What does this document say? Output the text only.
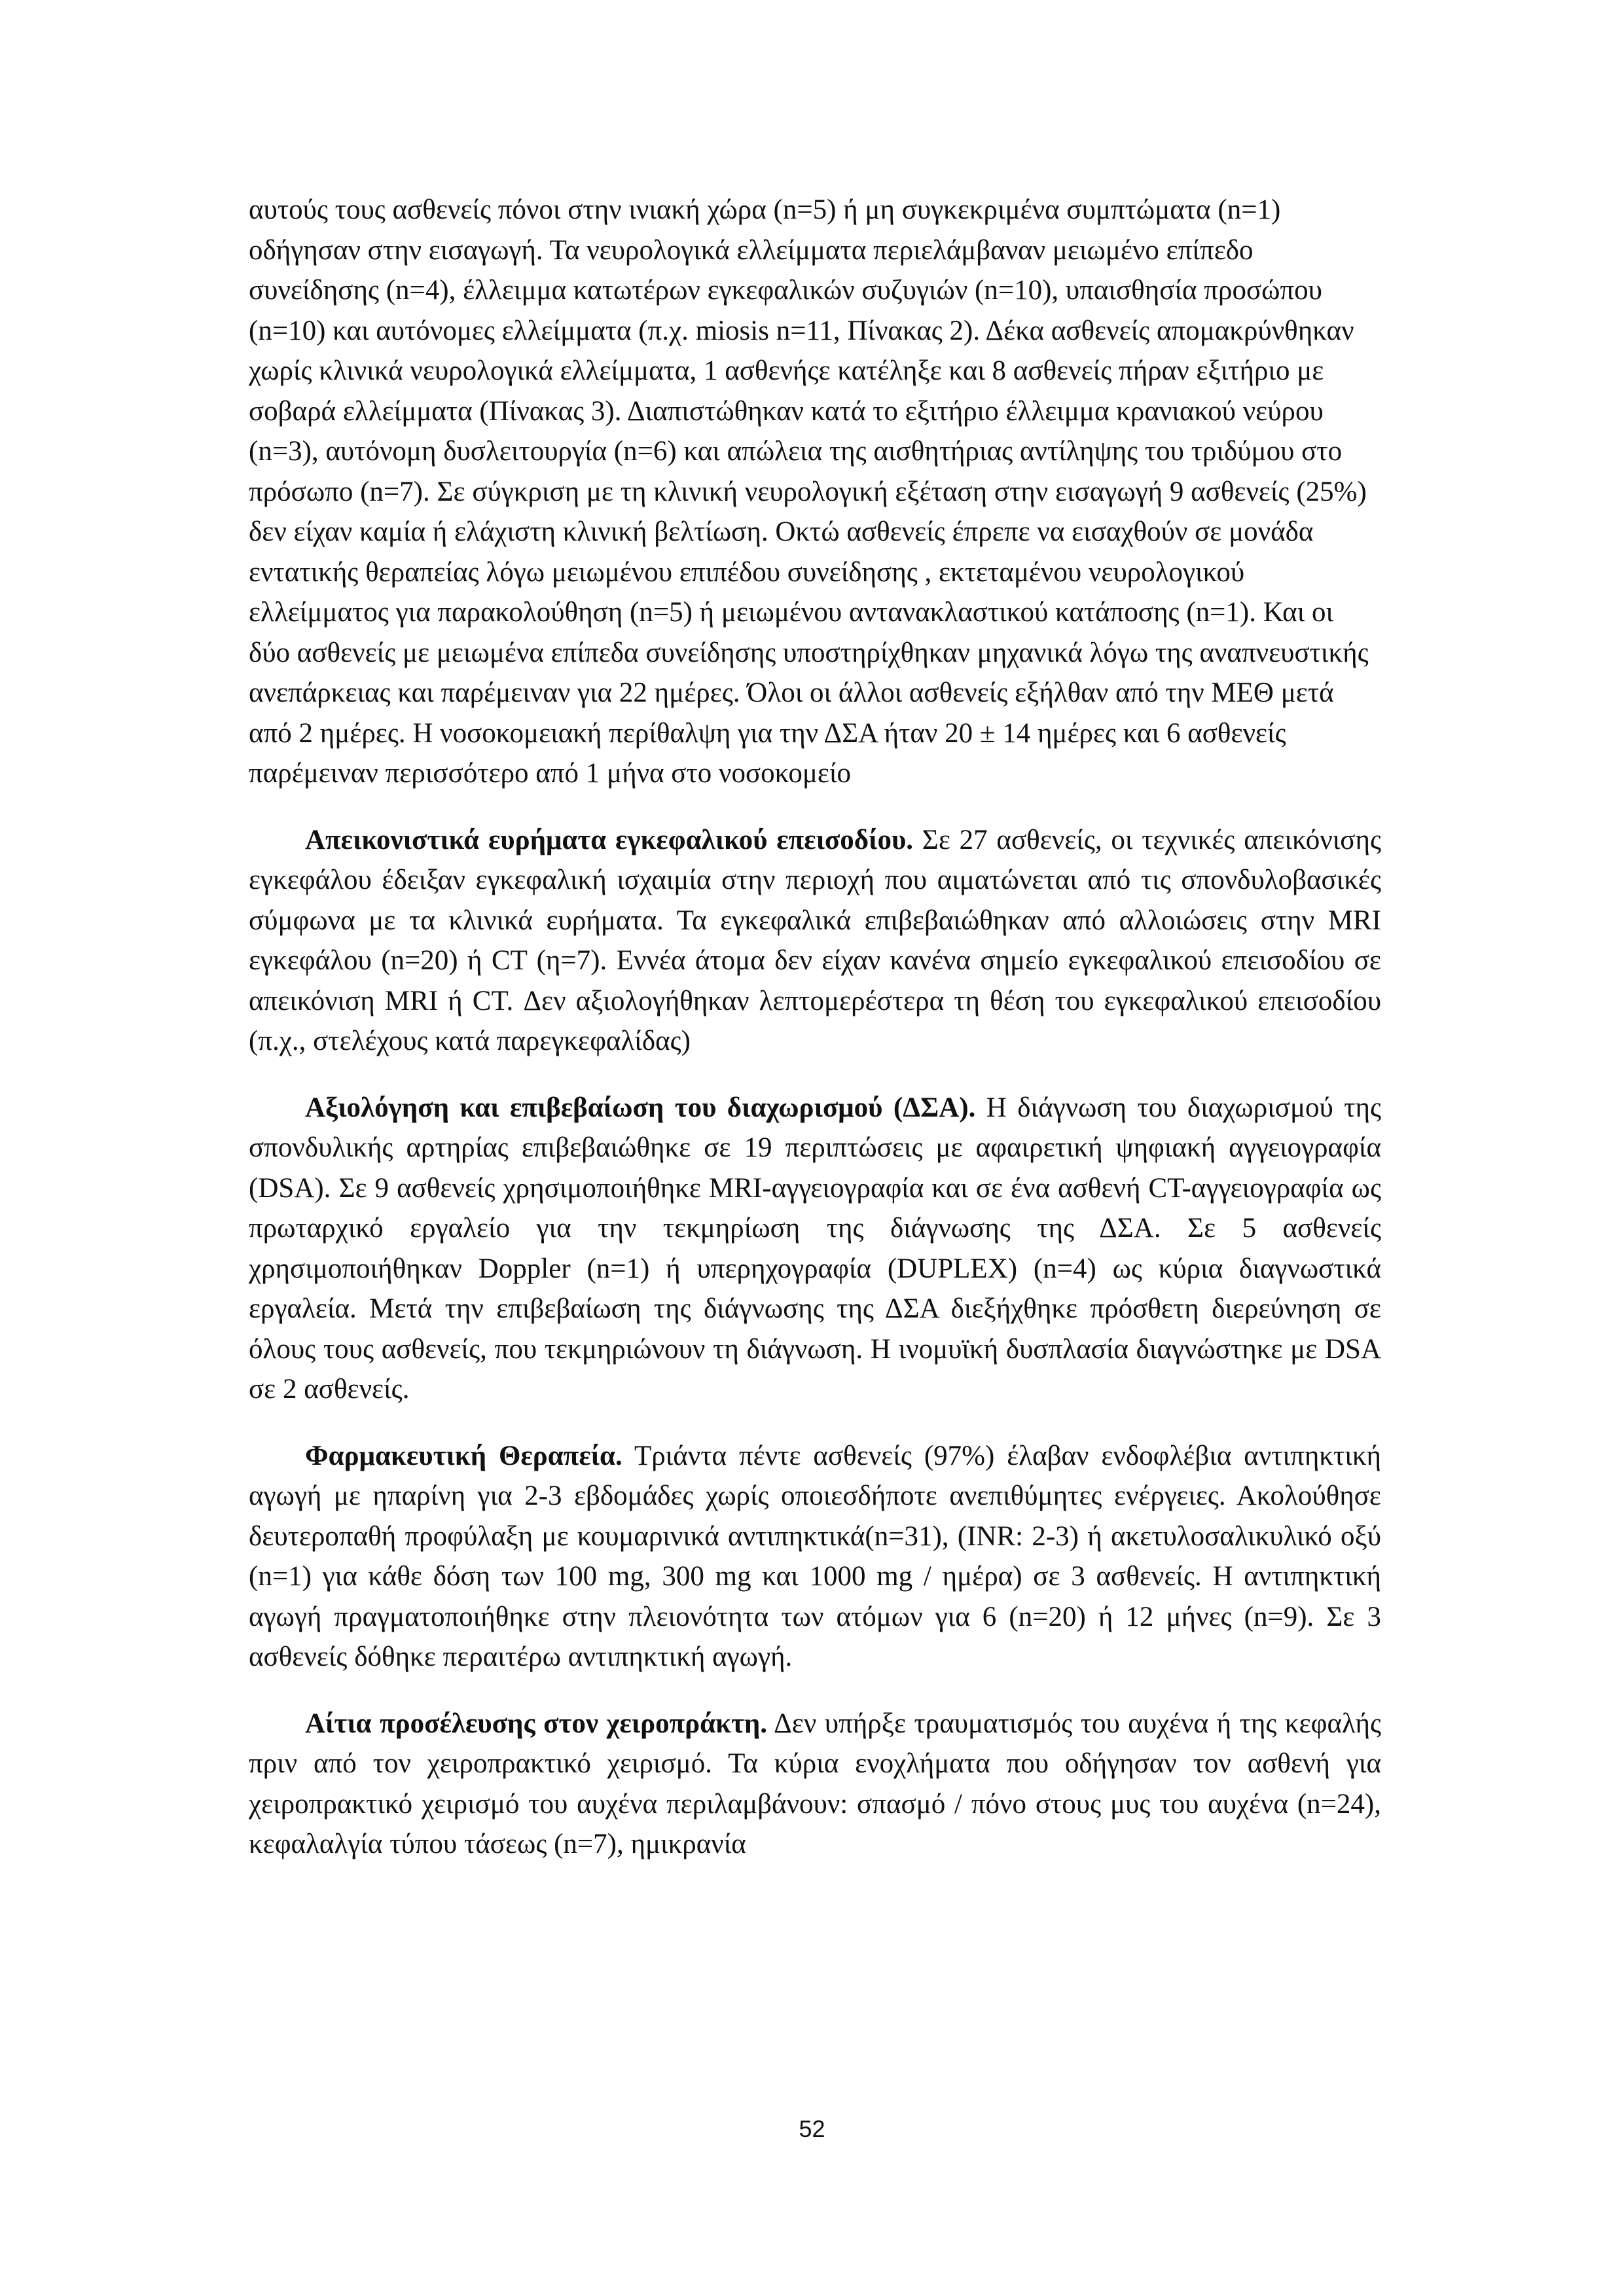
αυτούς τους ασθενείς πόνοι στην ινιακή χώρα (n=5) ή μη συγκεκριμένα συμπτώματα (n=1) οδήγησαν στην εισαγωγή. Τα νευρολογικά ελλείμματα περιελάμβαναν μειωμένο επίπεδο συνείδησης (n=4), έλλειμμα κατωτέρων εγκεφαλικών συζυγιών (n=10), υπαισθησία προσώπου (n=10) και αυτόνομες ελλείμματα (π.χ. miosis n=11, Πίνακας 2). Δέκα ασθενείς απομακρύνθηκαν χωρίς κλινικά νευρολογικά ελλείμματα, 1 ασθενήςε κατέληξε και 8 ασθενείς πήραν εξιτήριο με σοβαρά ελλείμματα (Πίνακας 3). Διαπιστώθηκαν κατά το εξιτήριο έλλειμμα κρανιακού νεύρου (n=3), αυτόνομη δυσλειτουργία (n=6) και απώλεια της αισθητήριας αντίληψης του τριδύμου στο πρόσωπο (n=7). Σε σύγκριση με τη κλινική νευρολογική εξέταση στην εισαγωγή 9 ασθενείς (25%) δεν είχαν καμία ή ελάχιστη κλινική βελτίωση. Οκτώ ασθενείς έπρεπε να εισαχθούν σε μονάδα εντατικής θεραπείας λόγω μειωμένου επιπέδου συνείδησης , εκτεταμένου νευρολογικού ελλείμματος για παρακολούθηση (n=5) ή μειωμένου αντανακλαστικού κατάποσης (n=1). Και οι δύο ασθενείς με μειωμένα επίπεδα συνείδησης υποστηρίχθηκαν μηχανικά λόγω της αναπνευστικής ανεπάρκειας και παρέμειναν για 22 ημέρες. Όλοι οι άλλοι ασθενείς εξήλθαν από την ΜΕΘ μετά από 2 ημέρες. Η νοσοκομειακή περίθαλψη για την ΔΣΑ ήταν 20 ± 14 ημέρες και 6 ασθενείς παρέμειναν περισσότερο από 1 μήνα στο νοσοκομείο

Απεικονιστικά ευρήματα εγκεφαλικού επεισοδίου. Σε 27 ασθενείς, οι τεχνικές απεικόνισης εγκεφάλου έδειξαν εγκεφαλική ισχαιμία στην περιοχή που αιματώνεται από τις σπονδυλοβασικές σύμφωνα με τα κλινικά ευρήματα. Τα εγκεφαλικά επιβεβαιώθηκαν από αλλοιώσεις στην MRI εγκεφάλου (n=20) ή CT (η=7). Εννέα άτομα δεν είχαν κανένα σημείο εγκεφαλικού επεισοδίου σε απεικόνιση MRI ή CT. Δεν αξιολογήθηκαν λεπτομερέστερα τη θέση του εγκεφαλικού επεισοδίου (π.χ., στελέχους κατά παρεγκεφαλίδας)

Αξιολόγηση και επιβεβαίωση του διαχωρισμού (ΔΣΑ). Η διάγνωση του διαχωρισμού της σπονδυλικής αρτηρίας επιβεβαιώθηκε σε 19 περιπτώσεις με αφαιρετική ψηφιακή αγγειογραφία (DSA). Σε 9 ασθενείς χρησιμοποιήθηκε MRI-αγγειογραφία και σε ένα ασθενή CT-αγγειογραφία ως πρωταρχικό εργαλείο για την τεκμηρίωση της διάγνωσης της ΔΣΑ. Σε 5 ασθενείς χρησιμοποιήθηκαν Doppler (n=1) ή υπερηχογραφία (DUPLEX) (n=4) ως κύρια διαγνωστικά εργαλεία. Μετά την επιβεβαίωση της διάγνωσης της ΔΣΑ διεξήχθηκε πρόσθετη διερεύνηση σε όλους τους ασθενείς, που τεκμηριώνουν τη διάγνωση. Η ινομυϊκή δυσπλασία διαγνώστηκε με DSA σε 2 ασθενείς.

Φαρμακευτική Θεραπεία. Τριάντα πέντε ασθενείς (97%) έλαβαν ενδοφλέβια αντιπηκτική αγωγή με ηπαρίνη για 2-3 εβδομάδες χωρίς οποιεσδήποτε ανεπιθύμητες ενέργειες. Ακολούθησε δευτεροπαθή προφύλαξη με κουμαρινικά αντιπηκτικά(n=31), (INR: 2-3) ή ακετυλοσαλικυλικό οξύ (n=1) για κάθε δόση των 100 mg, 300 mg και 1000 mg / ημέρα) σε 3 ασθενείς. Η αντιπηκτική αγωγή πραγματοποιήθηκε στην πλειονότητα των ατόμων για 6 (n=20) ή 12 μήνες (n=9). Σε 3 ασθενείς δόθηκε περαιτέρω αντιπηκτική αγωγή.

Αίτια προσέλευσης στον χειροπράκτη. Δεν υπήρξε τραυματισμός του αυχένα ή της κεφαλής πριν από τον χειροπρακτικό χειρισμό. Τα κύρια ενοχλήματα που οδήγησαν τον ασθενή για χειροπρακτικό χειρισμό του αυχένα περιλαμβάνουν: σπασμό / πόνο στους μυς του αυχένα (n=24), κεφαλαλγία τύπου τάσεως (n=7), ημικρανία

52
